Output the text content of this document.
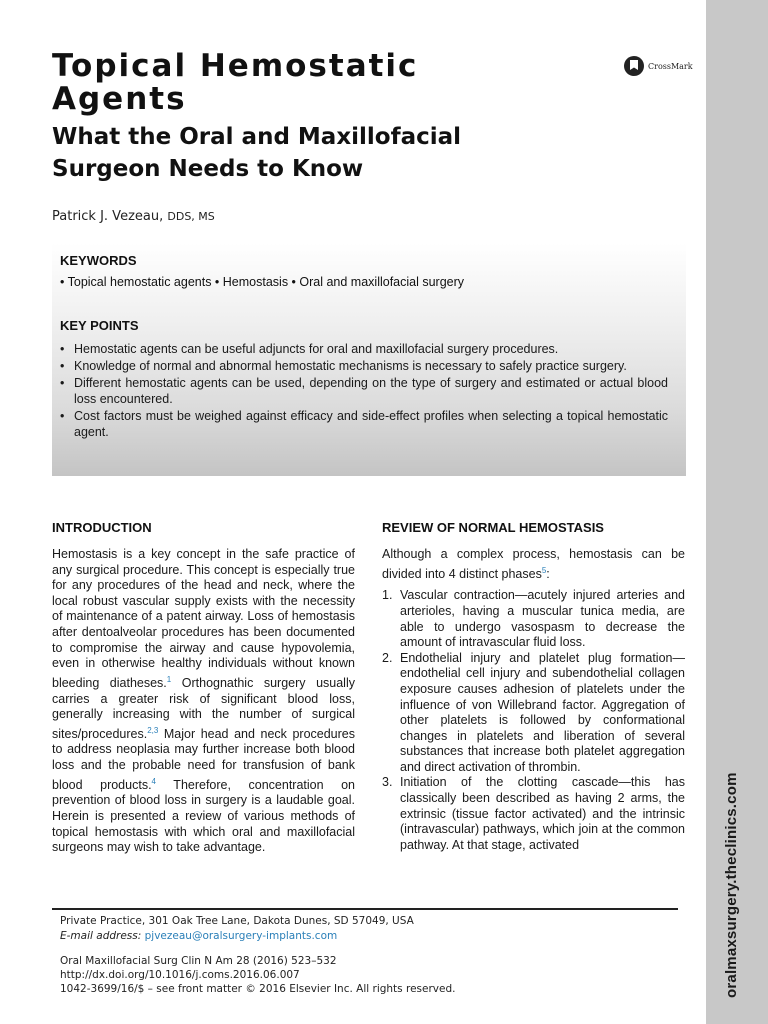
oralmaxsurgery.theclinics.com
Topical Hemostatic Agents
What the Oral and Maxillofacial Surgeon Needs to Know
CrossMark
Patrick J. Vezeau, DDS, MS
KEYWORDS
• Topical hemostatic agents • Hemostasis • Oral and maxillofacial surgery
KEY POINTS
• Hemostatic agents can be useful adjuncts for oral and maxillofacial surgery procedures.
• Knowledge of normal and abnormal hemostatic mechanisms is necessary to safely practice surgery.
• Different hemostatic agents can be used, depending on the type of surgery and estimated or actual blood loss encountered.
• Cost factors must be weighed against efficacy and side-effect profiles when selecting a topical hemostatic agent.
INTRODUCTION

Hemostasis is a key concept in the safe practice of any surgical procedure. This concept is especially true for any procedures of the head and neck, where the local robust vascular supply exists with the necessity of maintenance of a patent airway. Loss of hemostasis after dentoalveolar procedures has been documented to compromise the airway and cause hypovolemia, even in otherwise healthy individuals without known bleeding diatheses.$^1$ Orthognathic surgery usually carries a greater risk of significant blood loss, generally increasing with the number of surgical sites/procedures.$^{2,3}$ Major head and neck procedures to address neoplasia may further increase both blood loss and the probable need for transfusion of bank blood products.$^4$ Therefore, concentration on prevention of blood loss in surgery is a laudable goal. Herein is presented a review of various methods of topical hemostasis with which oral and maxillofacial surgeons may wish to take advantage.

REVIEW OF NORMAL HEMOSTASIS

Although a complex process, hemostasis can be divided into 4 distinct phases$^5$:

1. Vascular contraction—acutely injured arteries and arterioles, having a muscular tunica media, are able to undergo vasospasm to decrease the amount of intravascular fluid loss.
2. Endothelial injury and platelet plug formation—endothelial cell injury and subendothelial collagen exposure causes adhesion of platelets under the influence of von Willebrand factor. Aggregation of other platelets is followed by conformational changes in platelets and liberation of several substances that increase both platelet aggregation and direct activation of thrombin.
3. Initiation of the clotting cascade—this has classically been described as having 2 arms, the extrinsic (tissue factor activated) and the intrinsic (intravascular) pathways, which join at the common pathway. At that stage, activated
Private Practice, 301 Oak Tree Lane, Dakota Dunes, SD 57049, USA
E-mail address: pjvezeau@oralsurgery-implants.com
Oral Maxillofacial Surg Clin N Am 28 (2016) 523–532
http://dx.doi.org/10.1016/j.coms.2016.06.007
1042-3699/16/$ – see front matter © 2016 Elsevier Inc. All rights reserved.
